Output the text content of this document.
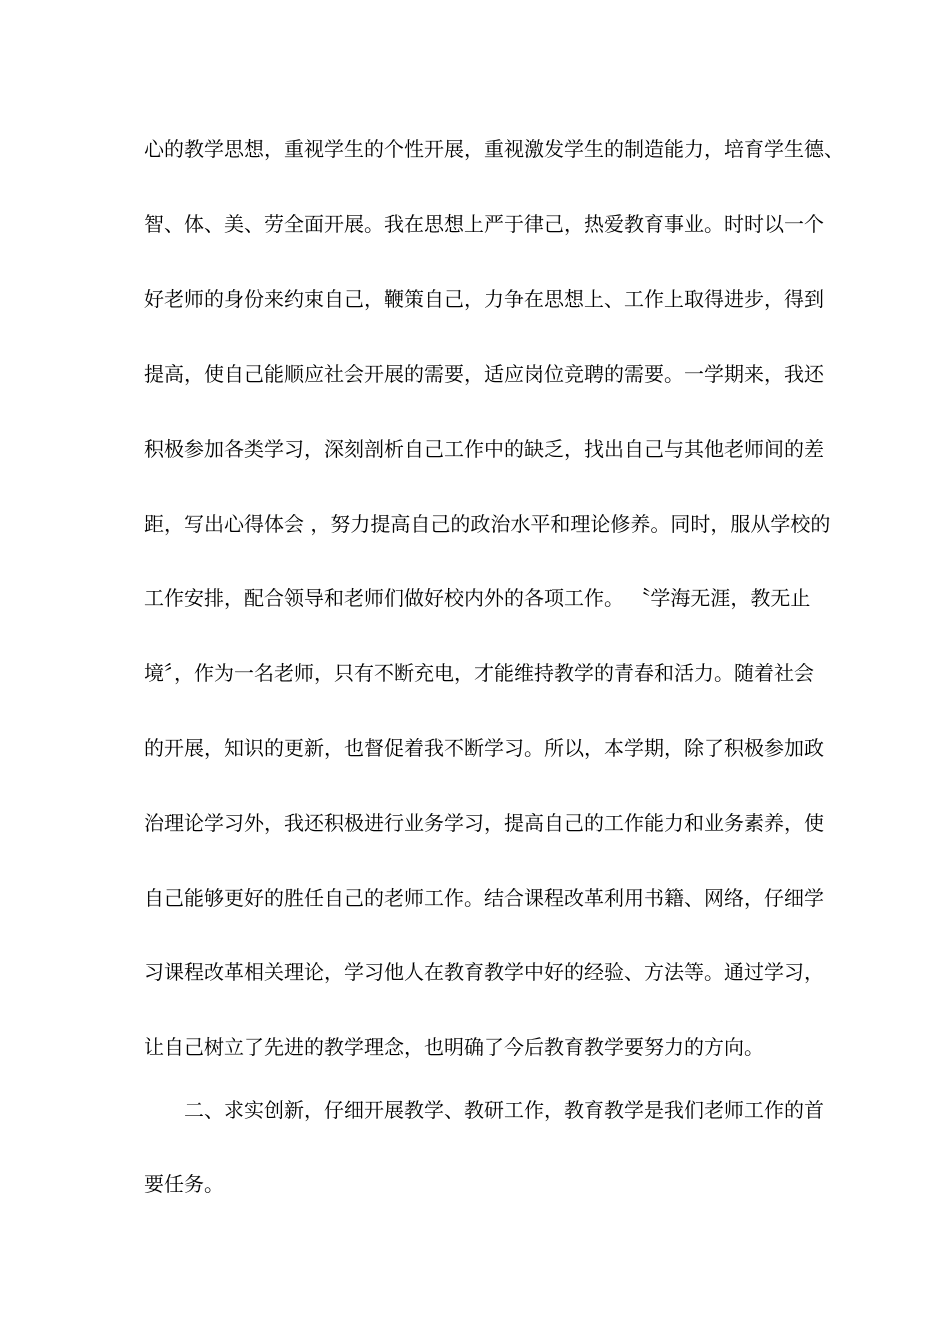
心的教学思想，重视学生的个性开展，重视激发学生的制造能力，培育学生德、

智、体、美、劳全面开展。我在思想上严于律己，热爱教育事业。时时以一个

好老师的身份来约束自己，鞭策自己，力争在思想上、工作上取得进步，得到

提高，使自己能顺应社会开展的需要，适应岗位竞聘的需要。一学期来，我还

积极参加各类学习，深刻剖析自己工作中的缺乏，找出自己与其他老师间的差

距，写出心得体会 ，努力提高自己的政治水平和理论修养。同时，服从学校的

工作安排，配合领导和老师们做好校内外的各项工作。 〝学海无涯，教无止

境〞，作为一名老师，只有不断充电，才能维持教学的青春和活力。随着社会

的开展，知识的更新，也督促着我不断学习。所以，本学期，除了积极参加政

治理论学习外，我还积极进行业务学习，提高自己的工作能力和业务素养，使

自己能够更好的胜任自己的老师工作。结合课程改革利用书籍、网络，仔细学

习课程改革相关理论，学习他人在教育教学中好的经验、方法等。通过学习，

让自己树立了先进的教学理念，也明确了今后教育教学要努力的方向。

二、求实创新，仔细开展教学、教研工作，教育教学是我们老师工作的首

要任务。
